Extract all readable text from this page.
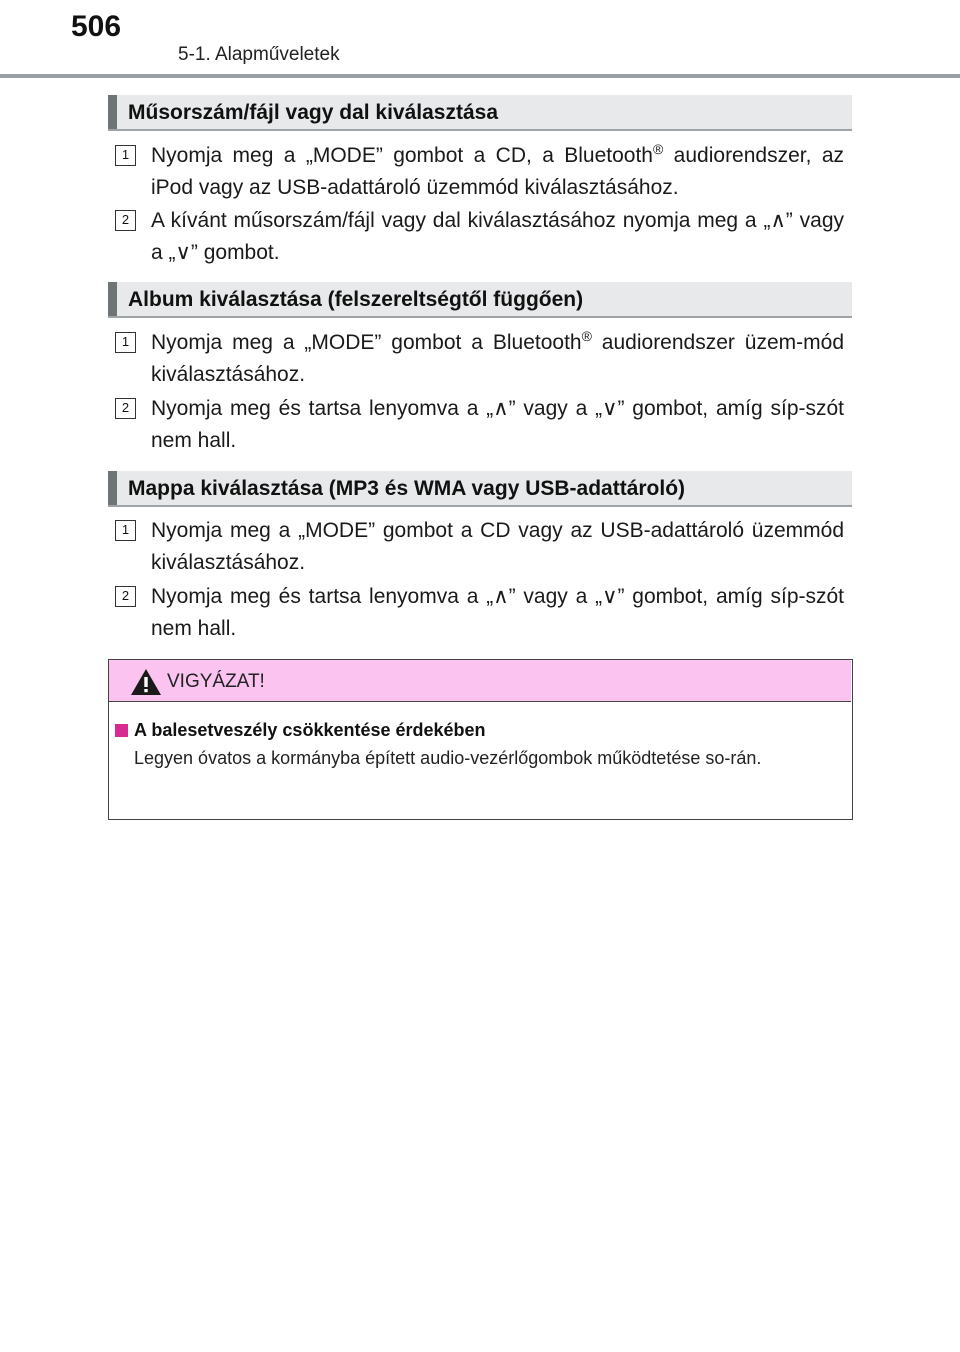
506
5-1. Alapműveletek
Műsorszám/fájl vagy dal kiválasztása
1	Nyomja meg a „MODE” gombot a CD, a Bluetooth® audiorendszer, az iPod vagy az USB-adattároló üzemmód kiválasztásához.
2	A kívánt műsorszám/fájl vagy dal kiválasztásához nyomja meg a „∧” vagy a „∨” gombot.
Album kiválasztása (felszereltségtől függően)
1	Nyomja meg a „MODE” gombot a Bluetooth® audiorendszer üzem-mód kiválasztásához.
2	Nyomja meg és tartsa lenyomva a „∧” vagy a „∨” gombot, amíg síp-szót nem hall.
Mappa kiválasztása (MP3 és WMA vagy USB-adattároló)
1	Nyomja meg a „MODE” gombot a CD vagy az USB-adattároló üzemmód kiválasztásához.
2	Nyomja meg és tartsa lenyomva a „∧” vagy a „∨” gombot, amíg síp-szót nem hall.
VIGYÁZAT!
A balesetveszély csökkentése érdekében
Legyen óvatos a kormányba épített audio-vezérlőgombok működtetése so-rán.
